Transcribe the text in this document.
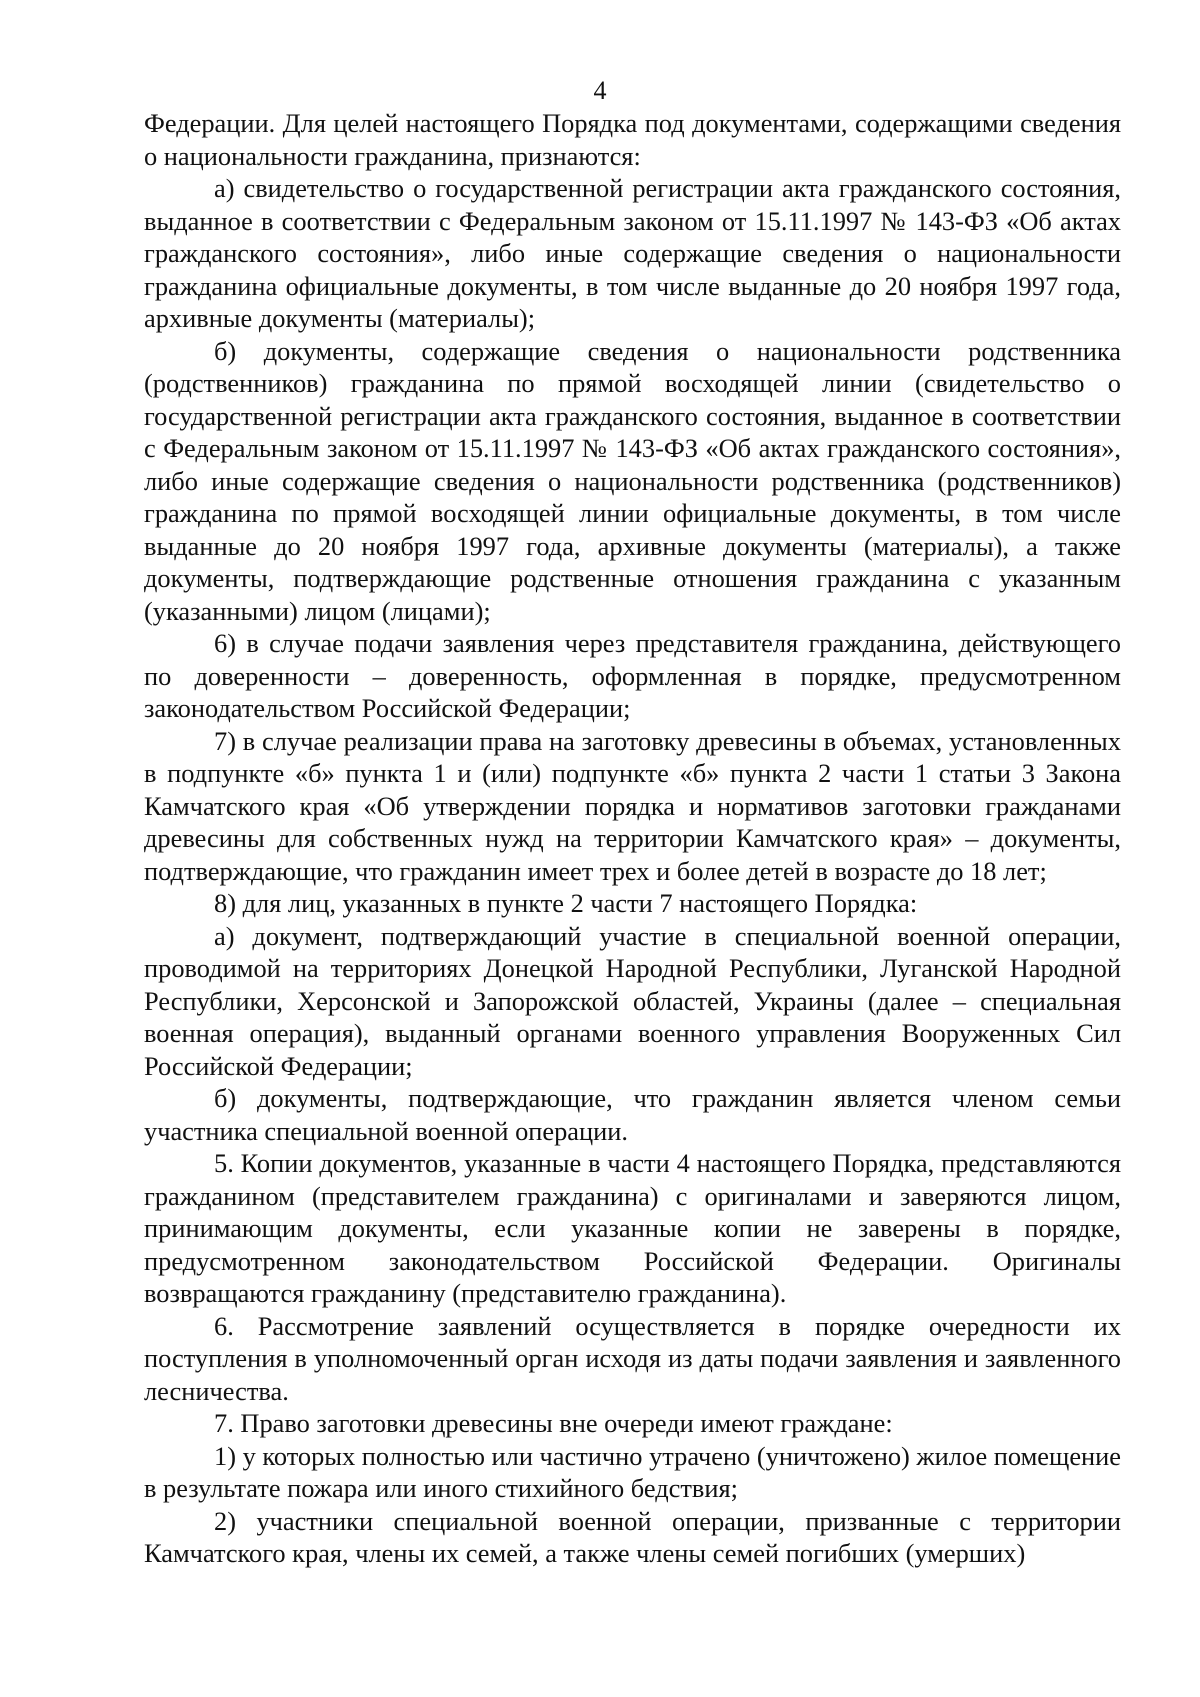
4

Федерации. Для целей настоящего Порядка под документами, содержащими сведения о национальности гражданина, признаются:

а) свидетельство о государственной регистрации акта гражданского состояния, выданное в соответствии с Федеральным законом от 15.11.1997 № 143-ФЗ «Об актах гражданского состояния», либо иные содержащие сведения о национальности гражданина официальные документы, в том числе выданные до 20 ноября 1997 года, архивные документы (материалы);

б) документы, содержащие сведения о национальности родственника (родственников) гражданина по прямой восходящей линии (свидетельство о государственной регистрации акта гражданского состояния, выданное в соответствии с Федеральным законом от 15.11.1997 № 143-ФЗ «Об актах гражданского состояния», либо иные содержащие сведения о национальности родственника (родственников) гражданина по прямой восходящей линии официальные документы, в том числе выданные до 20 ноября 1997 года, архивные документы (материалы), а также документы, подтверждающие родственные отношения гражданина с указанным (указанными) лицом (лицами);

6) в случае подачи заявления через представителя гражданина, действующего по доверенности – доверенность, оформленная в порядке, предусмотренном законодательством Российской Федерации;

7) в случае реализации права на заготовку древесины в объемах, установленных в подпункте «б» пункта 1 и (или) подпункте «б» пункта 2 части 1 статьи 3 Закона Камчатского края «Об утверждении порядка и нормативов заготовки гражданами древесины для собственных нужд на территории Камчатского края» – документы, подтверждающие, что гражданин имеет трех и более детей в возрасте до 18 лет;

8) для лиц, указанных в пункте 2 части 7 настоящего Порядка:

а) документ, подтверждающий участие в специальной военной операции, проводимой на территориях Донецкой Народной Республики, Луганской Народной Республики, Херсонской и Запорожской областей, Украины (далее – специальная военная операция), выданный органами военного управления Вооруженных Сил Российской Федерации;

б) документы, подтверждающие, что гражданин является членом семьи участника специальной военной операции.

5. Копии документов, указанные в части 4 настоящего Порядка, представляются гражданином (представителем гражданина) с оригиналами и заверяются лицом, принимающим документы, если указанные копии не заверены в порядке, предусмотренном законодательством Российской Федерации. Оригиналы возвращаются гражданину (представителю гражданина).

6. Рассмотрение заявлений осуществляется в порядке очередности их поступления в уполномоченный орган исходя из даты подачи заявления и заявленного лесничества.

7. Право заготовки древесины вне очереди имеют граждане:

1) у которых полностью или частично утрачено (уничтожено) жилое помещение в результате пожара или иного стихийного бедствия;

2) участники специальной военной операции, призванные с территории Камчатского края, члены их семей, а также члены семей погибших (умерших)
